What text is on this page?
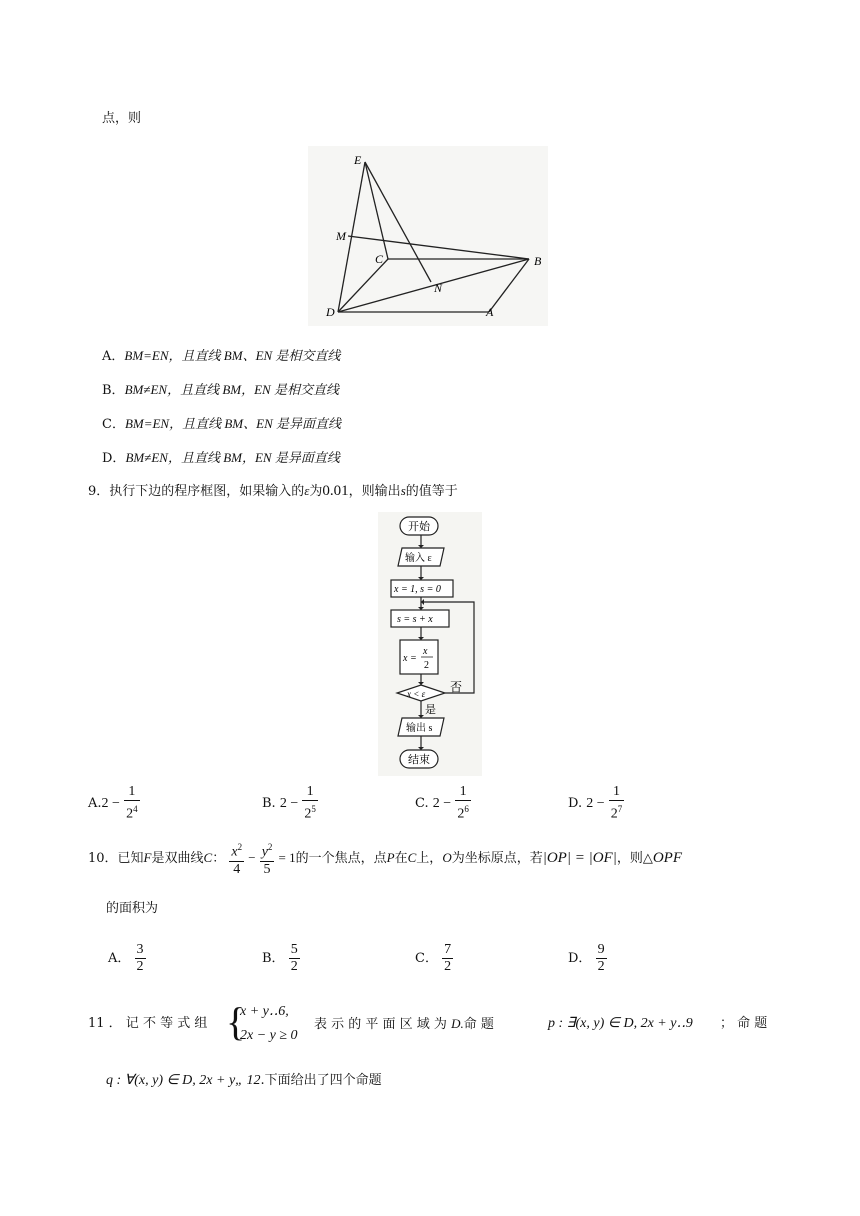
点，则
E
M
C
N
B
D	A
A．BM=EN，且直线 BM、EN 是相交直线
B．BM≠EN，且直线 BM，EN 是相交直线
C．BM=EN，且直线 BM、EN 是异面直线
D．BM≠EN，且直线 BM，EN 是异面直线
9．执行下边的程序框图，如果输入的ε为0.01，则输出s的值等于
开始
输入 ε
x = 1, s = 0
s = s + x
x =
x
2
x < ε 否
是
输出 s
结束
$A.2 - \frac{1}{2^4}$	B. $2 - \frac{1}{2^5}$	C. $2 - \frac{1}{2^6}$	D. $2 - \frac{1}{2^7}$
10．已知F是双曲线C： $\frac{x^2}{4} - \frac{y^2}{5} = 1$的一个焦点，点P在C上，O为坐标原点，若|OP| = |OF|，则△OPF
的面积为
A． $\frac{3}{2}$	B． $\frac{5}{2}$	C． $\frac{7}{2}$	D． $\frac{9}{2}$
11 ． 记 不 等 式 组 {
x + y‥6,
2x − y ≥ 0
表 示 的 平 面 区 域 为 D.命 题	p : ∃(x, y) ∈ D, 2x + y‥9 ； 命 题
q : ∀(x, y) ∈ D, 2x + y„ 12.下面给出了四个命题
